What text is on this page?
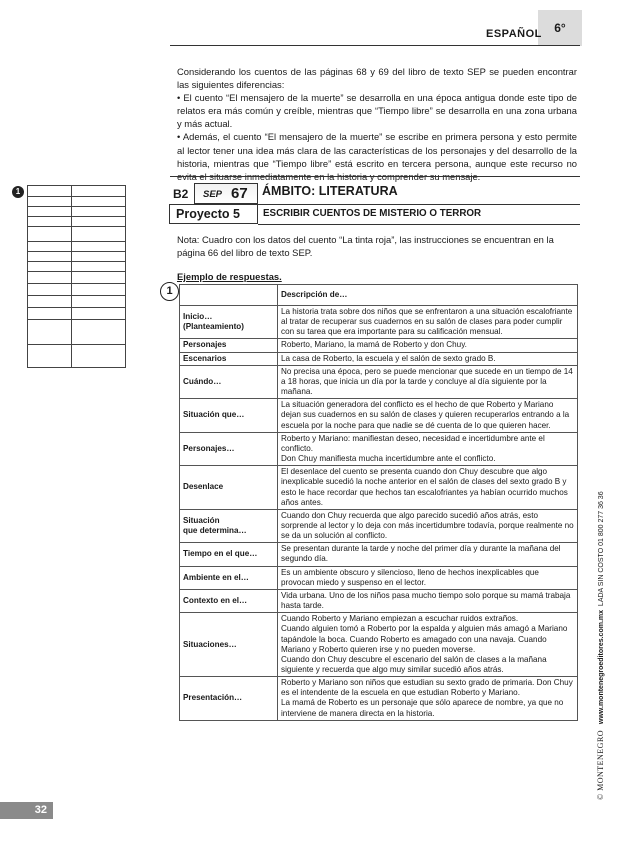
6°
ESPAÑOL

Considerando los cuentos de las páginas 68 y 69 del libro de texto SEP se pueden encontrar las siguientes diferencias:

• El cuento “El mensajero de la muerte” se desarrolla en una época antigua donde este tipo de relatos era más común y creíble, mientras que “Tiempo libre” se desarrolla en una zona urbana y más actual.

• Además, el cuento “El mensajero de la muerte” se escribe en primera persona y esto permite al lector tener una idea más clara de las características de los personajes y del desarrollo de la historia, mientras que “Tiempo libre” está escrito en tercera persona, aunque este recurso no evita el situarse inmediatamente en la historia y comprender su mensaje.

1	B2	SEP 67 ÁMBITO: LITERATURA
Proyecto 5	ESCRIBIR CUENTOS DE MISTERIO O TERROR
Nota: Cuadro con los datos del cuento “La tinta roja”, las instrucciones se encuentran en la página 66 del libro de texto SEP.
Ejemplo de respuestas.
1
		Descripción de…
Inicio…
(Planteamiento)	La historia trata sobre dos niños que se enfrentaron a una situación escalofriante al tratar de recuperar sus cuadernos en su salón de clases para poder cumplir con su tarea que era importante para su calificación mensual.
Personajes	Roberto, Mariano, la mamá de Roberto y don Chuy.
Escenarios	La casa de Roberto, la escuela y el salón de sexto grado B.
Cuándo…	No precisa una época, pero se puede mencionar que sucede en un tiempo de 14 a 18 horas, que inicia un día por la tarde y concluye al día siguiente por la mañana.
Situación que…	La situación generadora del conflicto es el hecho de que Roberto y Mariano dejan sus cuadernos en su salón de clases y quieren recuperarlos entrando a la escuela por la noche para que nadie se dé cuenta de lo que quieren hacer.
Personajes…	Roberto y Mariano: manifiestan deseo, necesidad e incertidumbre ante el conflicto.
Don Chuy manifiesta mucha incertidumbre ante el conflicto.
Desenlace	El desenlace del cuento se presenta cuando don Chuy descubre que algo inexplicable sucedió la noche anterior en el salón de clases del sexto grado B y esto le hace recordar que hechos tan escalofriantes ya habían ocurrido muchos años antes.
Situación
que determina…	Cuando don Chuy recuerda que algo parecido sucedió años atrás, esto sorprende al lector y lo deja con más incertidumbre todavía, porque realmente no se da un solución al conflicto.
Tiempo en el que…	Se presentan durante la tarde y noche del primer día y durante la mañana del segundo día.
Ambiente en el…	Es un ambiente obscuro y silencioso, lleno de hechos inexplicables que provocan miedo y suspenso en el lector.
Contexto en el…	Vida urbana. Uno de los niños pasa mucho tiempo solo porque su mamá trabaja hasta tarde.
Situaciones…	Cuando Roberto y Mariano empiezan a escuchar ruidos extraños.
Cuando alguien tomó a Roberto por la espalda y alguien más amagó a Mariano tapándole la boca. Cuando Roberto es amagado con una navaja. Cuando Mariano y Roberto quieren irse y no pueden moverse.
Cuando don Chuy descubre el escenario del salón de clases a la mañana siguiente y recuerda que algo muy similar sucedió años atrás.
Presentación…	Roberto y Mariano son niños que estudian su sexto grado de primaria. Don Chuy es el intendente de la escuela en que estudian Roberto y Mariano.
La mamá de Roberto es un personaje que sólo aparece de nombre, ya que no interviene de manera directa en la historia.
© MONTENEGRO   www.montenegroeditores.com.mx  LADA SIN COSTO 01 800 277 36 36
32
